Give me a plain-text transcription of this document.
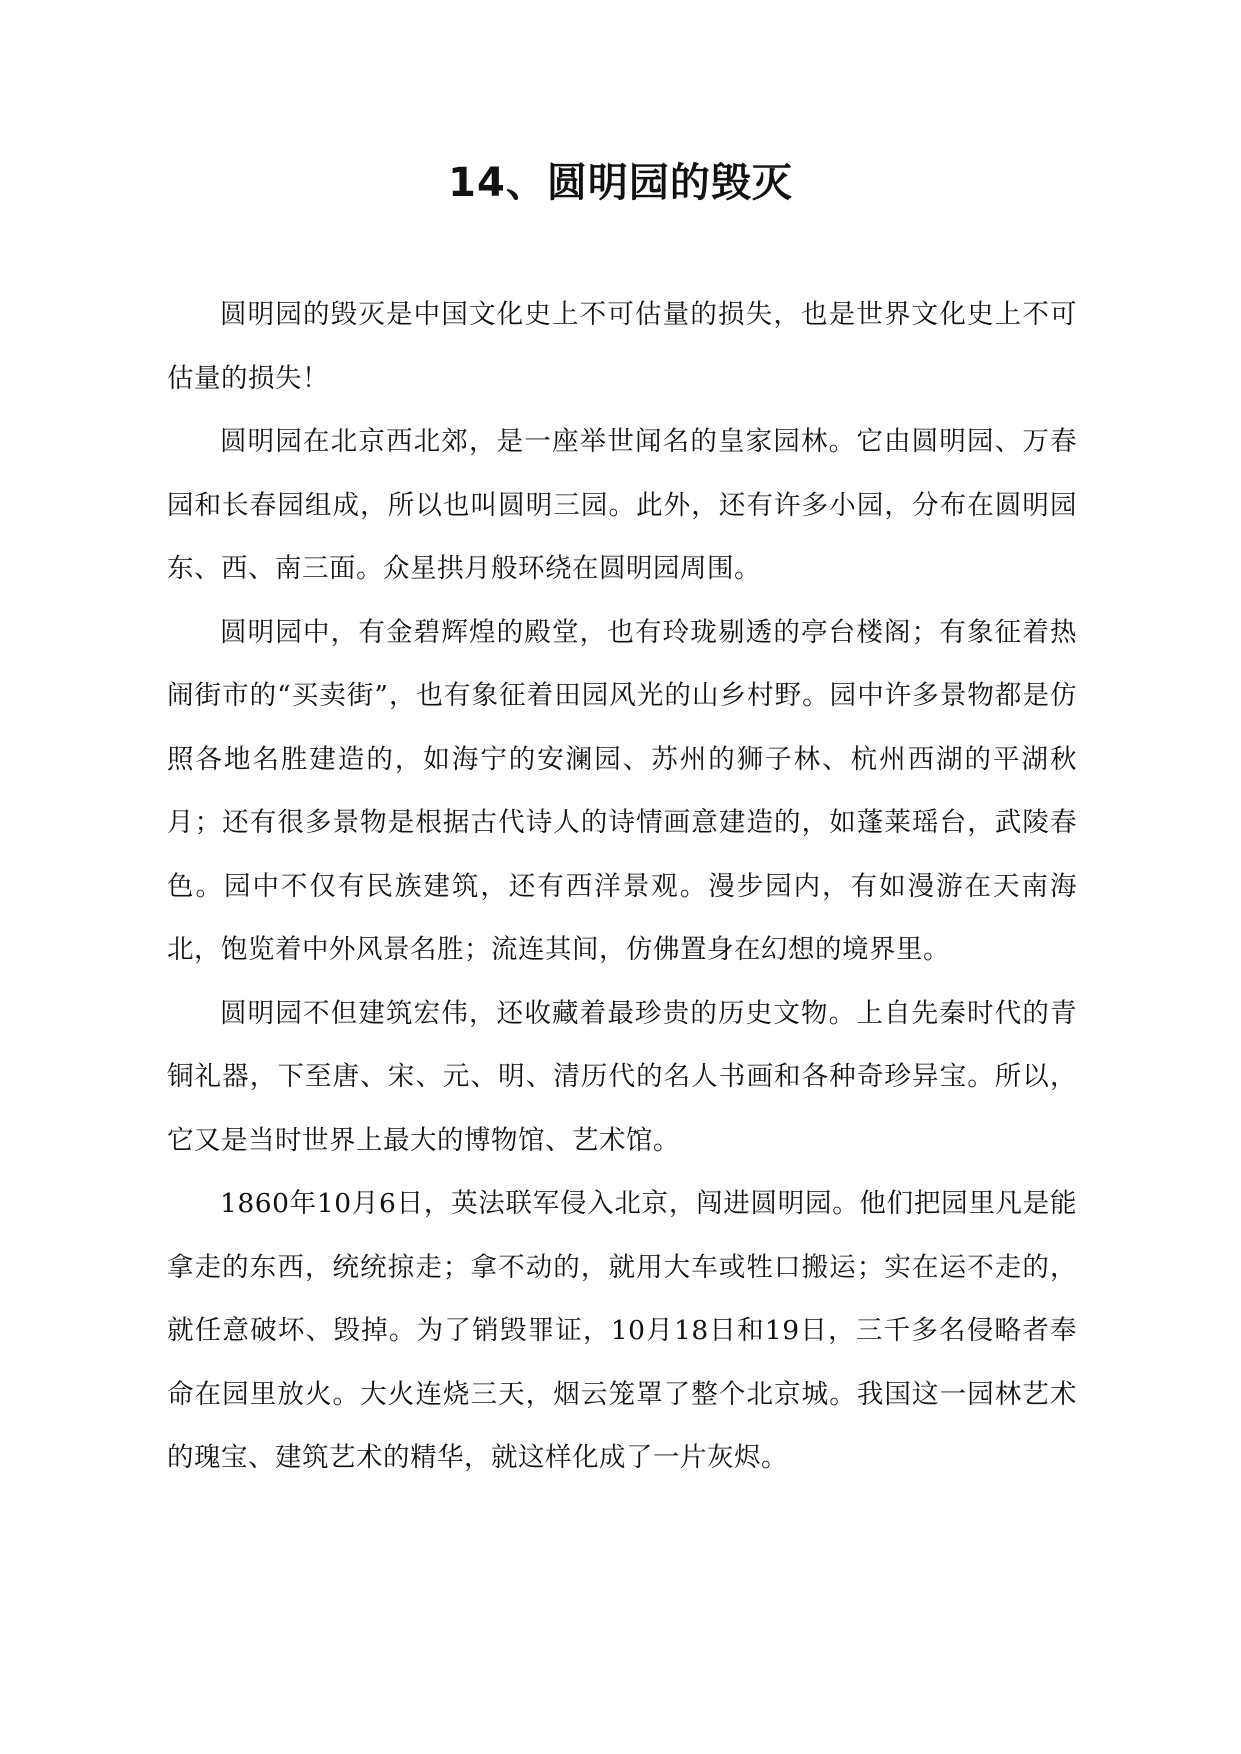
14、圆明园的毁灭

圆明园的毁灭是中国文化史上不可估量的损失，也是世界文化史上不可估量的损失！

圆明园在北京西北郊，是一座举世闻名的皇家园林。它由圆明园、万春园和长春园组成，所以也叫圆明三园。此外，还有许多小园，分布在圆明园东、西、南三面。众星拱月般环绕在圆明园周围。

圆明园中，有金碧辉煌的殿堂，也有玲珑剔透的亭台楼阁；有象征着热闹街市的“买卖街”，也有象征着田园风光的山乡村野。园中许多景物都是仿照各地名胜建造的，如海宁的安澜园、苏州的狮子林、杭州西湖的平湖秋月；还有很多景物是根据古代诗人的诗情画意建造的，如蓬莱瑶台，武陵春色。园中不仅有民族建筑，还有西洋景观。漫步园内，有如漫游在天南海北，饱览着中外风景名胜；流连其间，仿佛置身在幻想的境界里。

圆明园不但建筑宏伟，还收藏着最珍贵的历史文物。上自先秦时代的青铜礼器，下至唐、宋、元、明、清历代的名人书画和各种奇珍异宝。所以，它又是当时世界上最大的博物馆、艺术馆。

1860年10月6日，英法联军侵入北京，闯进圆明园。他们把园里凡是能拿走的东西，统统掠走；拿不动的，就用大车或牲口搬运；实在运不走的，就任意破坏、毁掉。为了销毁罪证，10月18日和19日，三千多名侵略者奉命在园里放火。大火连烧三天，烟云笼罩了整个北京城。我国这一园林艺术的瑰宝、建筑艺术的精华，就这样化成了一片灰烬。
